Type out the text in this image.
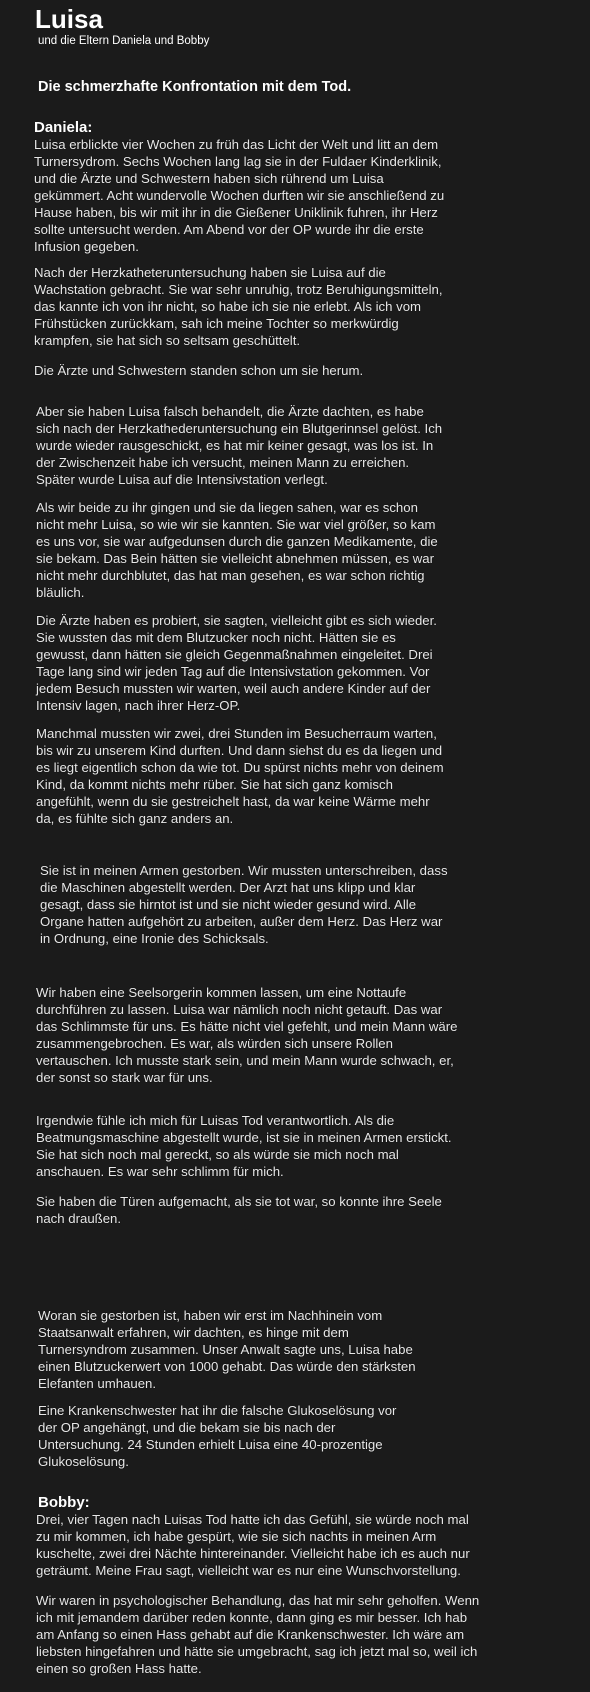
Luisa
und die Eltern Daniela und Bobby
Die schmerzhafte Konfrontation mit dem Tod.
Daniela:
Luisa erblickte vier Wochen zu früh das Licht der Welt und litt an dem
Turnersydrom. Sechs Wochen lang lag sie in der Fuldaer Kinderklinik,
und die Ärzte und Schwestern haben sich rührend um Luisa
gekümmert. Acht wundervolle Wochen durften wir sie anschließend zu
Hause haben, bis wir mit ihr in die Gießener Uniklinik fuhren, ihr Herz
sollte untersucht werden. Am Abend vor der OP wurde ihr die erste
Infusion gegeben.
Nach der Herzkatheteruntersuchung haben sie Luisa auf die
Wachstation gebracht. Sie war sehr unruhig, trotz Beruhigungsmitteln,
das kannte ich von ihr nicht, so habe ich sie nie erlebt. Als ich vom
Frühstücken zurückkam, sah ich meine Tochter so merkwürdig
krampfen, sie hat sich so seltsam geschüttelt.
Die Ärzte und Schwestern standen schon um sie herum.
Aber sie haben Luisa falsch behandelt, die Ärzte dachten, es habe
sich nach der Herzkathederuntersuchung ein Blutgerinnsel gelöst. Ich
wurde wieder rausgeschickt, es hat mir keiner gesagt, was los ist. In
der Zwischenzeit habe ich versucht, meinen Mann zu erreichen.
Später wurde Luisa auf die Intensivstation verlegt.
Als wir beide zu ihr gingen und sie da liegen sahen, war es schon
nicht mehr Luisa, so wie wir sie kannten. Sie war viel größer, so kam
es uns vor, sie war aufgedunsen durch die ganzen Medikamente, die
sie bekam. Das Bein hätten sie vielleicht abnehmen müssen, es war
nicht mehr durchblutet, das hat man gesehen, es war schon richtig
bläulich.
Die Ärzte haben es probiert, sie sagten, vielleicht gibt es sich wieder.
Sie wussten das mit dem Blutzucker noch nicht. Hätten sie es
gewusst, dann hätten sie gleich Gegenmaßnahmen eingeleitet. Drei
Tage lang sind wir jeden Tag auf die Intensivstation gekommen. Vor
jedem Besuch mussten wir warten, weil auch andere Kinder auf der
Intensiv lagen, nach ihrer Herz-OP.
Manchmal mussten wir zwei, drei Stunden im Besucherraum warten,
bis wir zu unserem Kind durften. Und dann siehst du es da liegen und
es liegt eigentlich schon da wie tot. Du spürst nichts mehr von deinem
Kind, da kommt nichts mehr rüber. Sie hat sich ganz komisch
angefühlt, wenn du sie gestreichelt hast, da war keine Wärme mehr
da, es fühlte sich ganz anders an.
Sie ist in meinen Armen gestorben. Wir mussten unterschreiben, dass
die Maschinen abgestellt werden. Der Arzt hat uns klipp und klar
gesagt, dass sie hirntot ist und sie nicht wieder gesund wird. Alle
Organe hatten aufgehört zu arbeiten, außer dem Herz. Das Herz war
in Ordnung, eine Ironie des Schicksals.
Wir haben eine Seelsorgerin kommen lassen, um eine Nottaufe
durchführen zu lassen. Luisa war nämlich noch nicht getauft. Das war
das Schlimmste für uns. Es hätte nicht viel gefehlt, und mein Mann wäre
zusammengebrochen. Es war, als würden sich unsere Rollen
vertauschen. Ich musste stark sein, und mein Mann wurde schwach, er,
der sonst so stark war für uns.
Irgendwie fühle ich mich für Luisas Tod verantwortlich. Als die
Beatmungsmaschine abgestellt wurde, ist sie in meinen Armen erstickt.
Sie hat sich noch mal gereckt, so als würde sie mich noch mal
anschauen. Es war sehr schlimm für mich.
Sie haben die Türen aufgemacht, als sie tot war, so konnte ihre Seele
nach draußen.
Woran sie gestorben ist, haben wir erst im Nachhinein vom
Staatsanwalt erfahren, wir dachten, es hinge mit dem
Turnersyndrom zusammen. Unser Anwalt sagte uns, Luisa habe
einen Blutzuckerwert von 1000 gehabt. Das würde den stärksten
Elefanten umhauen.
Eine Krankenschwester hat ihr die falsche Glukoselösung vor
der OP angehängt, und die bekam sie bis nach der
Untersuchung. 24 Stunden erhielt Luisa eine 40-prozentige
Glukoselösung.
Bobby:
Drei, vier Tagen nach Luisas Tod hatte ich das Gefühl, sie würde noch mal
zu mir kommen, ich habe gespürt, wie sie sich nachts in meinen Arm
kuschelte, zwei drei Nächte hintereinander. Vielleicht habe ich es auch nur
geträumt. Meine Frau sagt, vielleicht war es nur eine Wunschvorstellung.
Wir waren in psychologischer Behandlung, das hat mir sehr geholfen. Wenn
ich mit jemandem darüber reden konnte, dann ging es mir besser. Ich hab
am Anfang so einen Hass gehabt auf die Krankenschwester. Ich wäre am
liebsten hingefahren und hätte sie umgebracht, sag ich jetzt mal so, weil ich
einen so großen Hass hatte.
